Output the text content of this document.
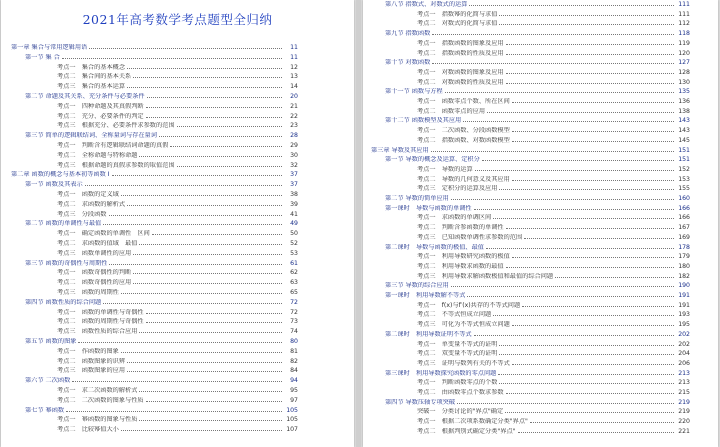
2021年高考数学考点题型全归纳
第一章 集合与常用逻辑用语	11
第一节 集 合	11
考点一　集合的基本概念	12
考点二　集合间的基本关系	13
考点三　集合的基本运算	14
第二节 命题及其关系、充分条件与必要条件	20
考点一　四种命题及其真假判断	21
考点二　充分、必要条件的判定	22
考点三　根据充分、必要条件求参数的范围	23
第三节 简单的逻辑联结词、全称量词与存在量词	28
考点一　判断含有逻辑联结词命题的真假	29
考点二　全称命题与特称命题	30
考点三　根据命题的真假求参数的取值范围	32
第二章 函数的概念与基本初等函数 I	37
第一节 函数及其表示	37
考点一　函数的定义域	38
考点二　求函数的解析式	39
考点三　分段函数	41
第二节 函数的单调性与最值	49
考点一　确定函数的单调性　区间	50
考点二　求函数的值域　最值	52
考点三　函数单调性的应用	53
第三节 函数的奇偶性与周期性	61
考点一　函数奇偶性的判断	62
考点二　函数奇偶性的应用	63
考点三　函数的周期性	65
第四节 函数性质的综合问题	72
考点一　函数的单调性与奇偶性	72
考点二　函数的周期性与奇偶性	73
考点三　函数性质的综合应用	74
第五节 函数的图象	80
考点一　作函数的图象	81
考点二　函数图象的识辨	82
考点三　函数图象的应用	84
第六节 二次函数	94
考点一　求二次函数的解析式	95
考点二　二次函数的图象与性质	97
第七节 幂函数	105
考点一　幂函数的图象与性质	105
考点二　比较幂值大小	107
第八节 指数式、对数式的运算	111
考点一　指数幂的化简与求值	111
考点二　对数式的化简与求值	112
第九节 指数函数	118
考点一　指数函数的图象及应用	119
考点二　指数函数的性质及应用	120
第十节 对数函数	127
考点一　对数函数的图象及应用	128
考点二　对数函数的性质及应用	130
第十一节 函数与方程	135
考点一　函数零点个数、所在区间	136
考点二　函数零点的应用	138
第十二节 函数模型及其应用	143
考点一　二次函数、分段函数模型	143
考点二　指数函数、对数函数模型	145
第三章 导数及其应用	151
第一节 导数的概念及运算、定积分	151
考点一　导数的运算	152
考点二　导数的几何意义及其应用	153
考点三　定积分的运算及应用	155
第二节 导数的简单应用	160
第一课时　导数与函数的单调性	166
考点一　求函数的单调区间	166
考点二　判断含参函数的单调性	167
考点三　已知函数单调性求参数的范围	169
第二课时　导数与函数的极值、最值	178
考点一　利用导数研究函数的极值	179
考点二　利用导数求函数的最值	180
考点三　利用导数求解函数极值和最值的综合问题	182
第三节 导数的综合应用	190
第一课时　利用导数解不等式	191
考点一　f(x)与f′(x)共存的不等式问题	191
考点二　不等式恒成立问题	193
考点三　可化为不等式恒成立问题	195
第二课时　利用导数证明不等式	202
考点一　单变量不等式的证明	202
考点二　双变量不等式的证明	204
考点三　证明与数列有关的不等式	206
第三课时　利用导数探究函数的零点问题	213
考点一　判断函数零点的个数	213
考点二　由函数零点个数求参数	215
第四节 导数压轴专项突破	219
突破一　分类讨论的"界点"确定	219
考点一　根据二次项系数确定分类"界点"	220
考点二　根据判别式确定分类"界点"	221
